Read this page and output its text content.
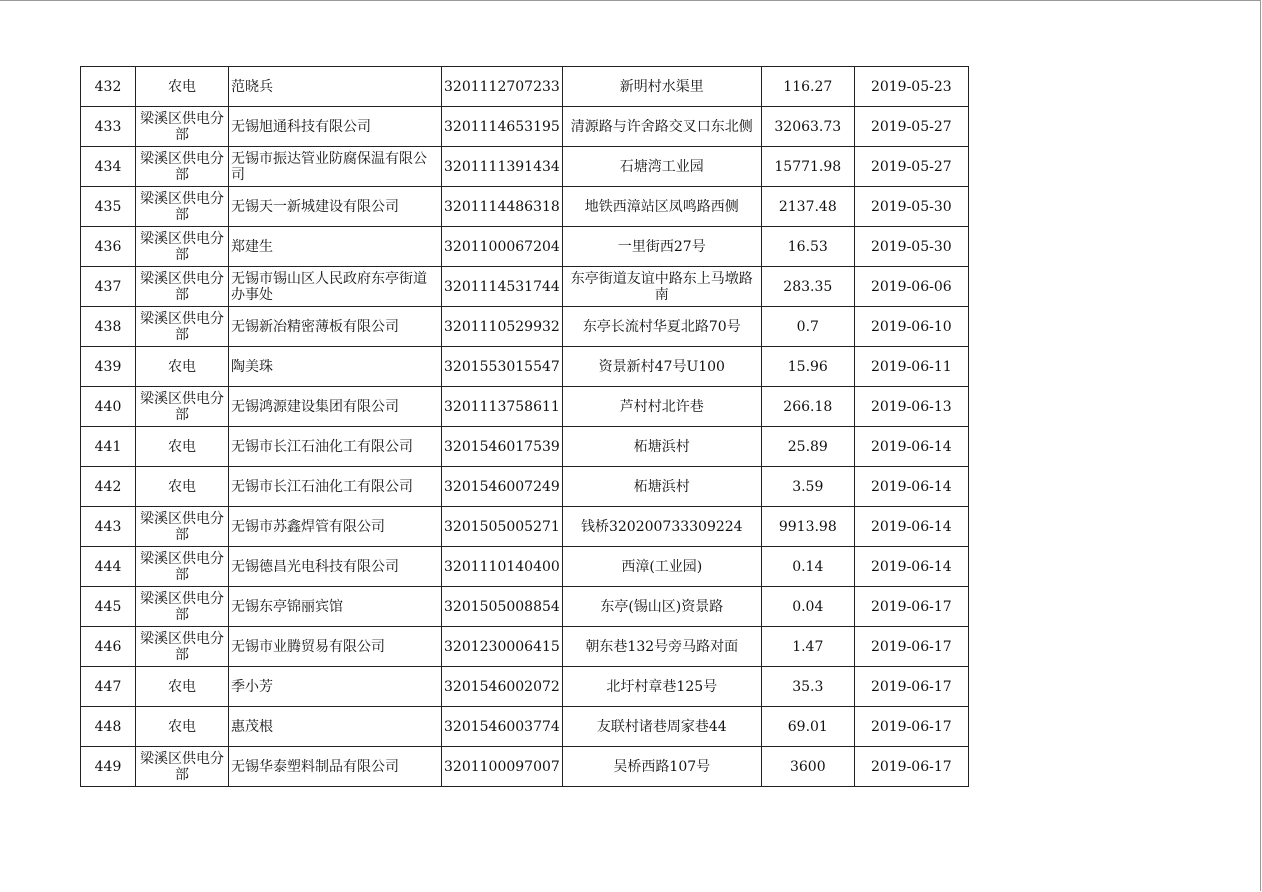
432	农电	范晓兵	3201112707233	新明村水渠里	116.27	2019-05-23
433	梁溪区供电分部	无锡旭通科技有限公司	3201114653195	清源路与许舍路交叉口东北侧	32063.73	2019-05-27
434	梁溪区供电分部	无锡市振达管业防腐保温有限公司	3201111391434	石塘湾工业园	15771.98	2019-05-27
435	梁溪区供电分部	无锡天一新城建设有限公司	3201114486318	地铁西漳站区凤鸣路西侧	2137.48	2019-05-30
436	梁溪区供电分部	郑建生	3201100067204	一里街西27号	16.53	2019-05-30
437	梁溪区供电分部	无锡市锡山区人民政府东亭街道办事处	3201114531744	东亭街道友谊中路东上马墩路南	283.35	2019-06-06
438	梁溪区供电分部	无锡新冶精密薄板有限公司	3201110529932	东亭长流村华夏北路70号	0.7	2019-06-10
439	农电	陶美珠	3201553015547	资景新村47号U100	15.96	2019-06-11
440	梁溪区供电分部	无锡鸿源建设集团有限公司	3201113758611	芦村村北许巷	266.18	2019-06-13
441	农电	无锡市长江石油化工有限公司	3201546017539	柘塘浜村	25.89	2019-06-14
442	农电	无锡市长江石油化工有限公司	3201546007249	柘塘浜村	3.59	2019-06-14
443	梁溪区供电分部	无锡市苏鑫焊管有限公司	3201505005271	钱桥320200733309224	9913.98	2019-06-14
444	梁溪区供电分部	无锡德昌光电科技有限公司	3201110140400	西漳(工业园)	0.14	2019-06-14
445	梁溪区供电分部	无锡东亭锦丽宾馆	3201505008854	东亭(锡山区)资景路	0.04	2019-06-17
446	梁溪区供电分部	无锡市业腾贸易有限公司	3201230006415	朝东巷132号旁马路对面	1.47	2019-06-17
447	农电	季小芳	3201546002072	北圩村章巷125号	35.3	2019-06-17
448	农电	惠茂根	3201546003774	友联村诸巷周家巷44	69.01	2019-06-17
449	梁溪区供电分部	无锡华泰塑料制品有限公司	3201100097007	吴桥西路107号	3600	2019-06-17
